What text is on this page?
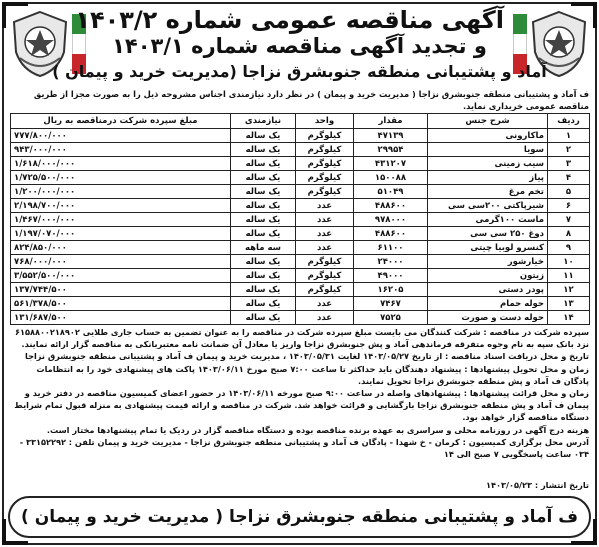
آگهی مناقصه عمومی شماره ۱۴۰۳/۲
و تجدید آگهی مناقصه شماره ۱۴۰۳/۱
آماد و پشتیبانی منطقه جنوبشرق نزاجا (مدیریت خرید و پیمان )
ف آماد و پشتیبانی منطقه جنوبشرق نزاجا ( مدیریت خرید و پیمان ) در نظر دارد نیازمندی اجناس مشروحه ذیل را به صورت مجزا از طریق مناقصه عمومی خریداری نماید.
ردیف	شرح جنس	مقدار	واحد	نیازمندی	مبلغ سپرده شرکت درمناقصه به ریال
۱	ماکارونی	۴۷۱۳۹	کیلوگرم	یک ساله	۷۷۷/۸۰۰/۰۰۰
۲	سویا	۲۹۹۵۴	کیلوگرم	یک ساله	۹۴۳/۰۰۰/۰۰۰
۳	سیب زمینی	۴۳۱۲۰۷	کیلوگرم	یک ساله	۱/۶۱۸/۰۰۰/۰۰۰
۴	پیاز	۱۵۰۰۸۸	کیلوگرم	یک ساله	۱/۷۲۵/۵۰۰/۰۰۰
۵	تخم مرغ	۵۱۰۴۹	کیلوگرم	یک ساله	۱/۲۰۰/۰۰۰/۰۰۰
۶	شیرپاکتی ۲۰۰سی سی	۴۸۸۶۰۰	عدد	یک ساله	۲/۱۹۸/۷۰۰/۰۰۰
۷	ماست ۱۰۰گرمی	۹۷۸۰۰۰	عدد	یک ساله	۱/۴۶۷/۰۰۰/۰۰۰
۸	دوغ ۲۵۰ سی سی	۴۸۸۶۰۰	عدد	یک ساله	۱/۱۹۷/۰۷۰/۰۰۰
۹	کنسرو لوبیا چیتی	۶۱۱۰۰	عدد	سه ماهه	۸۲۴/۸۵۰/۰۰۰
۱۰	خیارشور	۲۴۰۰۰	کیلوگرم	یک ساله	۷۶۸/۰۰۰/۰۰۰
۱۱	زیتون	۴۹۰۰۰	کیلوگرم	یک ساله	۳/۵۵۲/۵۰۰/۰۰۰
۱۲	پودر دستی	۱۶۲۰۵	کیلوگرم	یک ساله	۱۳۷/۷۴۴/۵۰۰
۱۳	حوله حمام	۷۴۶۷	عدد	یک ساله	۵۶۱/۳۷۸/۵۰۰
۱۴	حوله دست و صورت	۷۵۲۵	عدد	یک ساله	۱۳۱/۶۸۷/۵۰۰

سپرده شرکت در مناقصه : شرکت کنندگان می بایست مبلغ سپرده شرکت در مناقصه را به عنوان تضمین به حساب جاری طلایی ۶۱۵۸۸۰۰۲۱۸۹۰۲ نزد بانک سپه به نام وجوه متفرقه فرماندهی آماد و پش جنوبشرق نزاجا واریز یا معادل آن ضمانت نامه معتبربانکی به مناقصه گزار ارائه نمایند.

تاریخ و محل دریافت اسناد مناقصه : از تاریخ ۱۴۰۳/۰۵/۲۷ لغایت ۱۴۰۳/۰۵/۳۱ ، مدیریت خرید و پیمان ف آماد و پشتیبانی منطقه جنوبشرق نزاجا

زمان و محل تحویل پیشنهادها : پیشنهاد دهندگان باید حداکثر تا ساعت ۷:۰۰ صبح مورخ ۱۴۰۳/۰۶/۱۱ پاکت های پیشنهادی خود را به انتظامات پادگان ف آماد و پش منطقه جنوبشرق نزاجا تحویل نمایند.

زمان و محل قرائت پیشنهادها : پیشنهادهای واصله در ساعت ۹:۰۰ صبح مورخه ۱۴۰۳/۰۶/۱۱ در حضور اعضای کمیسیون مناقصه در دفتر خرید و پیمان ف آماد و پش منطقه جنوبشرق نزاجا بازگشایی و قرائت خواهد شد. شرکت در مناقصه و ارائه قیمت پیشنهادی به منزله قبول تمام شرایط دستگاه مناقصه گزار خواهد بود.

هزینه درج آگهی در روزنامه محلی و سراسری به عهده برنده مناقصه بوده و دستگاه مناقصه گزار در ردیک یا تمام پیشنهادها مختار است.

آدرس محل برگزاری کمیسیون : کرمان - خ شهدا - پادگان ف آماد و پشتیبانی منطقه جنوبشرق نزاجا - مدیریت خرید و پیمان تلفن : ۳۳۱۵۲۲۹۲ - ۰۳۴ ساعت پاسخگویی ۷ صبح الی ۱۴

تاریخ انتشار : ۱۴۰۳/۰۵/۲۳
ف آماد و پشتیبانی منطقه جنوبشرق نزاجا ( مدیریت خرید و پیمان )
